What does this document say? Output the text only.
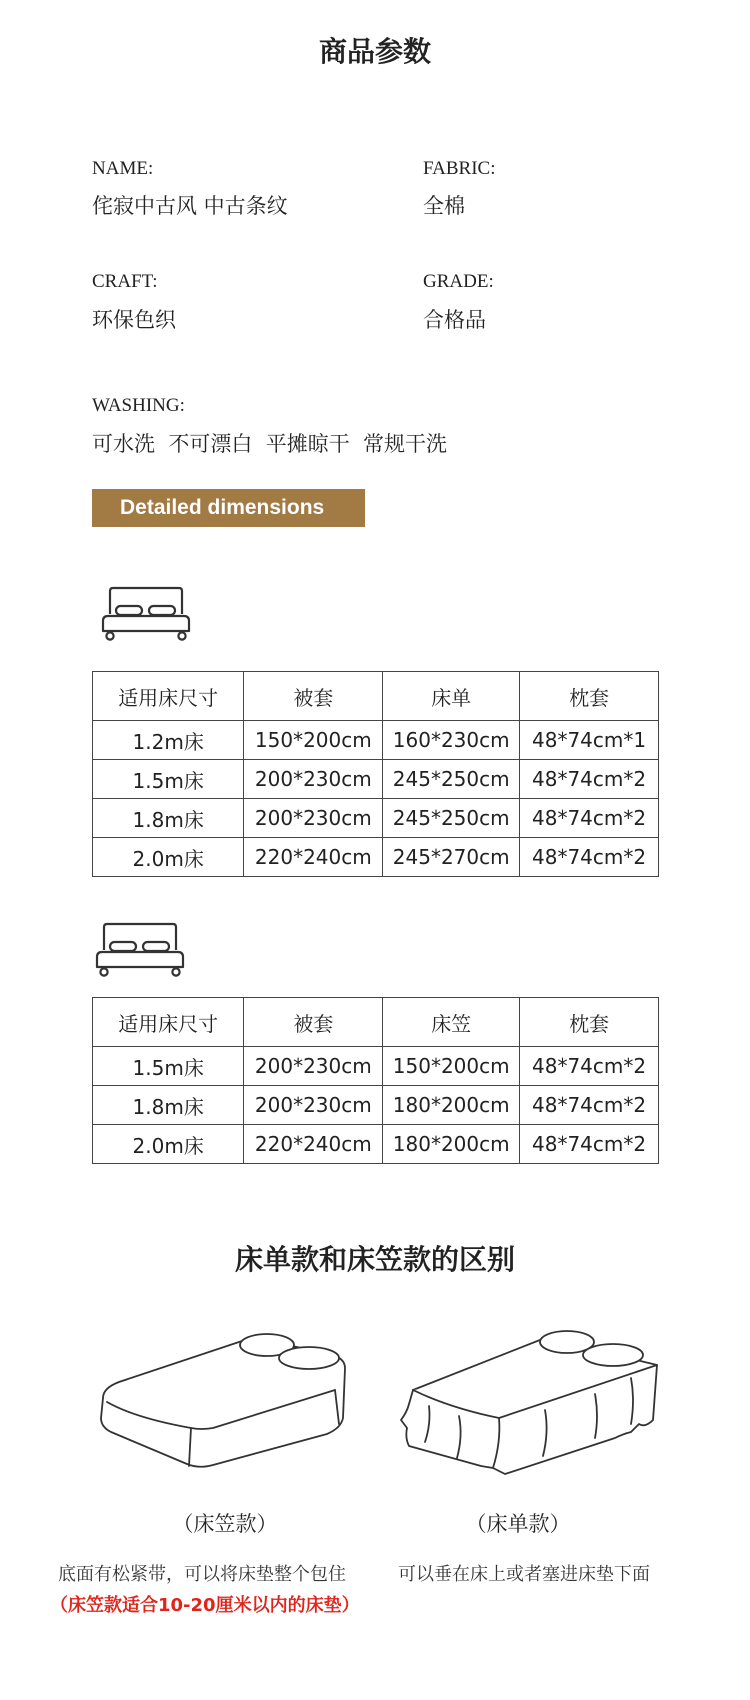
商品参数
NAME:
侘寂中古风 中古条纹
FABRIC:
全棉
CRAFT:
环保色织
GRADE:
合格品
WASHING:
可水洗  不可漂白  平摊晾干  常规干洗
Detailed dimensions
适用床尺寸	被套	床单	枕套
1.2m床	150*200cm	160*230cm	48*74cm*1
1.5m床	200*230cm	245*250cm	48*74cm*2
1.8m床	200*230cm	245*250cm	48*74cm*2
2.0m床	220*240cm	245*270cm	48*74cm*2
适用床尺寸	被套	床笠	枕套
1.5m床	200*230cm	150*200cm	48*74cm*2
1.8m床	200*230cm	180*200cm	48*74cm*2
2.0m床	220*240cm	180*200cm	48*74cm*2
床单款和床笠款的区别
（床笠款）	（床单款）
底面有松紧带，可以将床垫整个包住	可以垂在床上或者塞进床垫下面
（床笠款适合10-20厘米以内的床垫）
